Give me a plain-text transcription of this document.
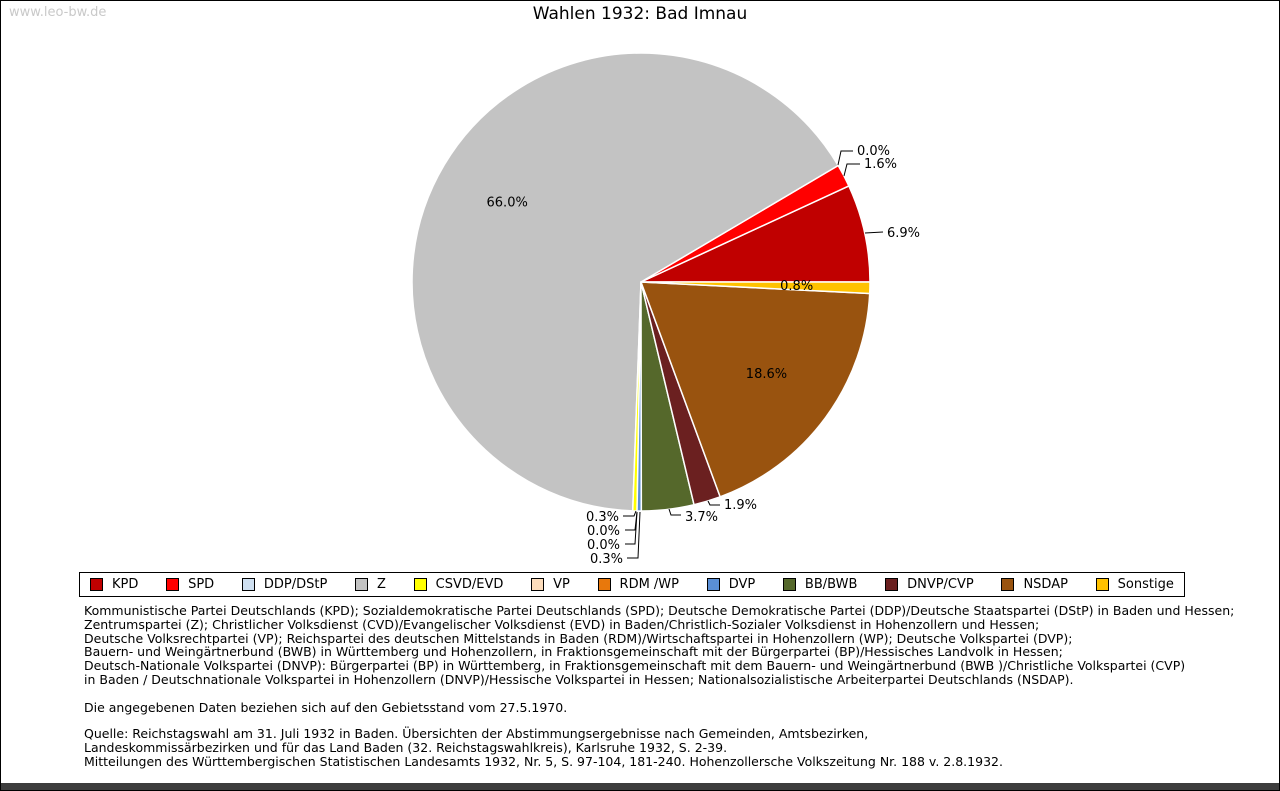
www.leo-bw.de	Wahlen 1932: Bad Imnau
6.9%
1.6%
0.0%
66.0%
0.3%
0.0%
0.0%
0.3%
3.7%
1.9%
18.6%
0.8%
KPD	SPD	DDP/DStP	Z	CSVD/EVD	VP	RDM /WP	DVP	BB/BWB	DNVP/CVP	NSDAP	Sonstige
Kommunistische Partei Deutschlands (KPD); Sozialdemokratische Partei Deutschlands (SPD); Deutsche Demokratische Partei (DDP)/Deutsche Staatspartei (DStP) in Baden und Hessen;
Zentrumspartei (Z); Christlicher Volksdienst (CVD)/Evangelischer Volksdienst (EVD) in Baden/Christlich-Sozialer Volksdienst in Hohenzollern und Hessen;
Deutsche Volksrechtpartei (VP); Reichspartei des deutschen Mittelstands in Baden (RDM)/Wirtschaftspartei in Hohenzollern (WP); Deutsche Volkspartei (DVP);
Bauern- und Weingärtnerbund (BWB) in Württemberg und Hohenzollern, in Fraktionsgemeinschaft mit der Bürgerpartei (BP)/Hessisches Landvolk in Hessen;
Deutsch-Nationale Volkspartei (DNVP): Bürgerpartei (BP) in Württemberg, in Fraktionsgemeinschaft mit dem Bauern- und Weingärtnerbund (BWB )/Christliche Volkspartei (CVP)
in Baden / Deutschnationale Volkspartei in Hohenzollern (DNVP)/Hessische Volkspartei in Hessen; Nationalsozialistische Arbeiterpartei Deutschlands (NSDAP).
Die angegebenen Daten beziehen sich auf den Gebietsstand vom 27.5.1970.
Quelle: Reichstagswahl am 31. Juli 1932 in Baden. Übersichten der Abstimmungsergebnisse nach Gemeinden, Amtsbezirken,
Landeskommissärbezirken und für das Land Baden (32. Reichstagswahlkreis), Karlsruhe 1932, S. 2-39.
Mitteilungen des Württembergischen Statistischen Landesamts 1932, Nr. 5, S. 97-104, 181-240. Hohenzollersche Volkszeitung Nr. 188 v. 2.8.1932.
